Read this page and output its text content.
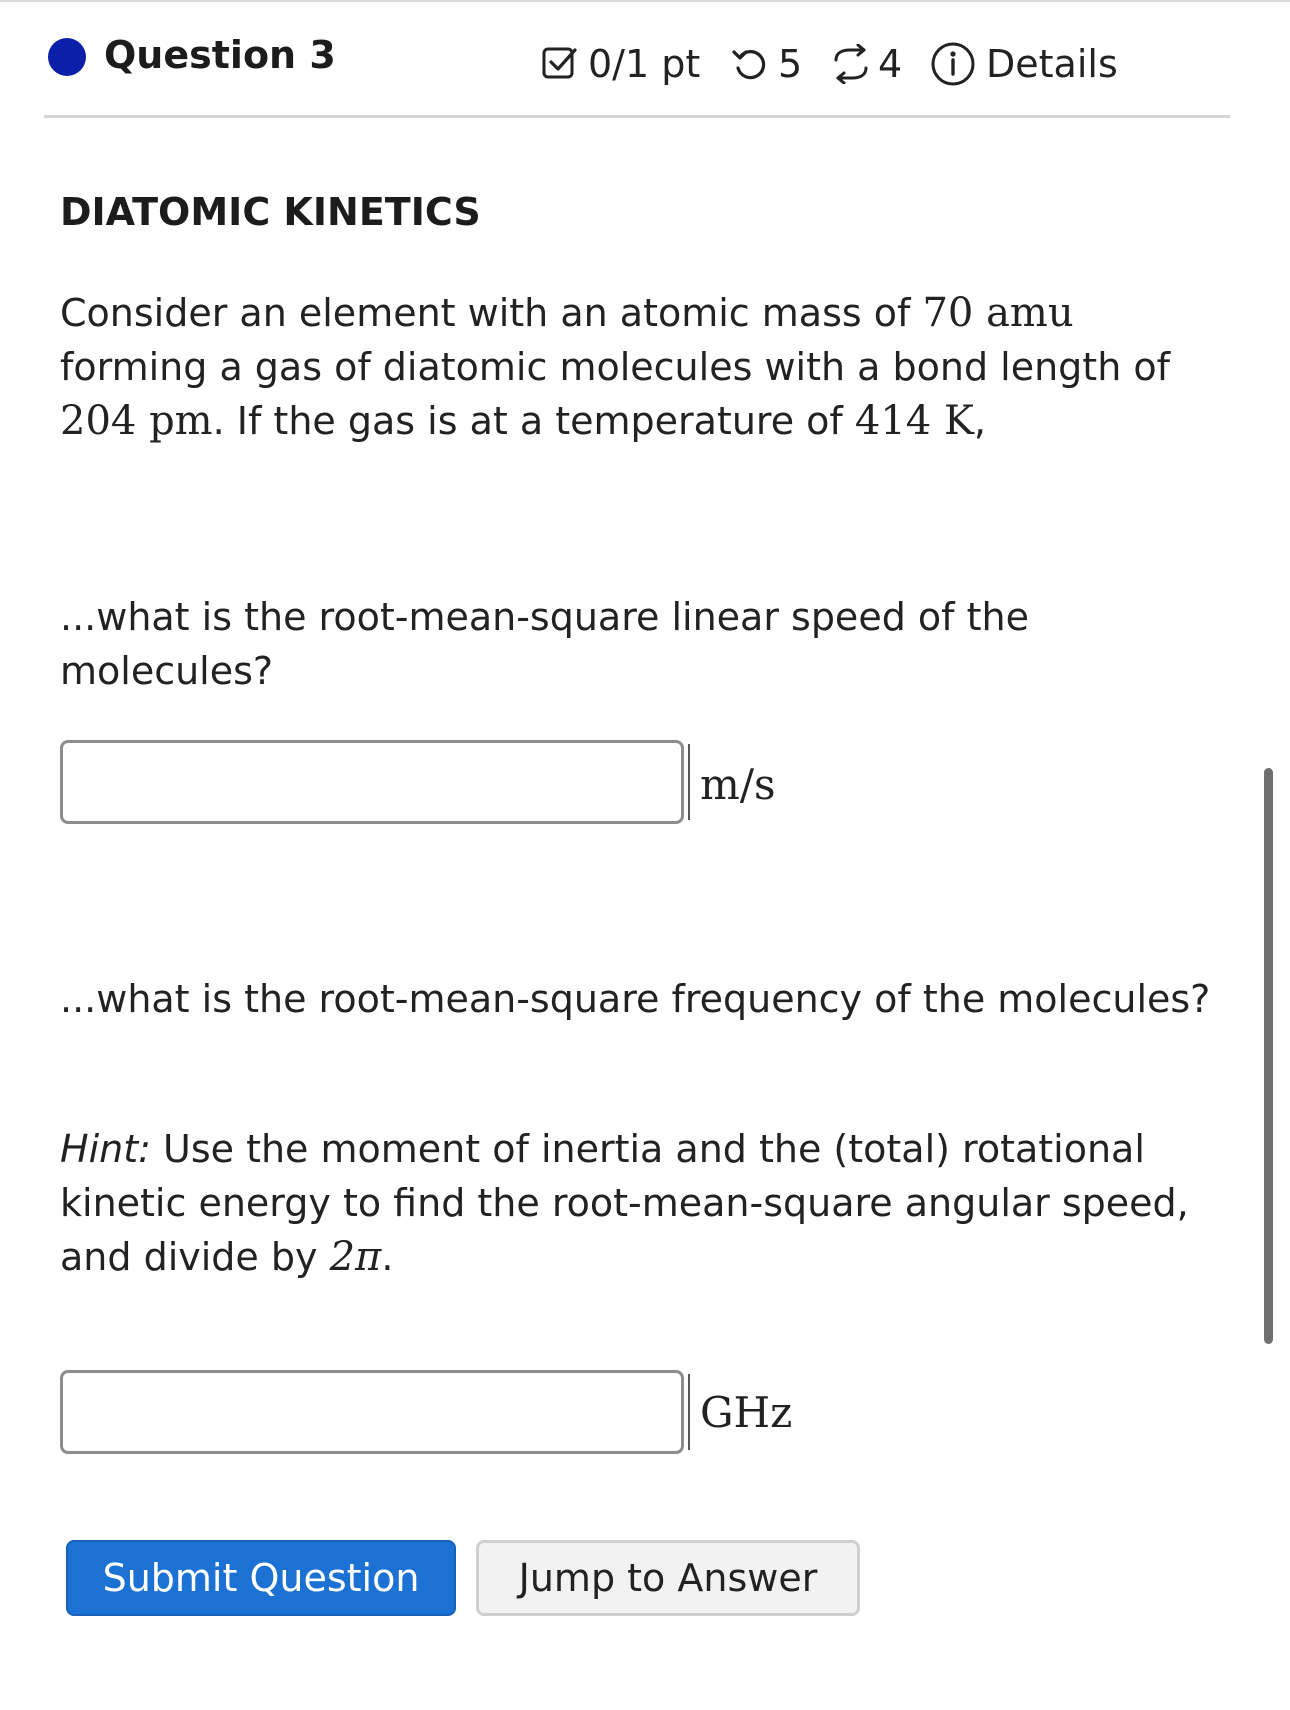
Question 3	0/1 pt 5 4 Details
DIATOMIC KINETICS
Consider an element with an atomic mass of 70 amu forming a gas of diatomic molecules with a bond length of 204 pm. If the gas is at a temperature of 414 K,
...what is the root-mean-square linear speed of the molecules?
m/s
...what is the root-mean-square frequency of the molecules?
Hint: Use the moment of inertia and the (total) rotational kinetic energy to find the root-mean-square angular speed, and divide by 2π.
GHz
Submit Question	Jump to Answer
